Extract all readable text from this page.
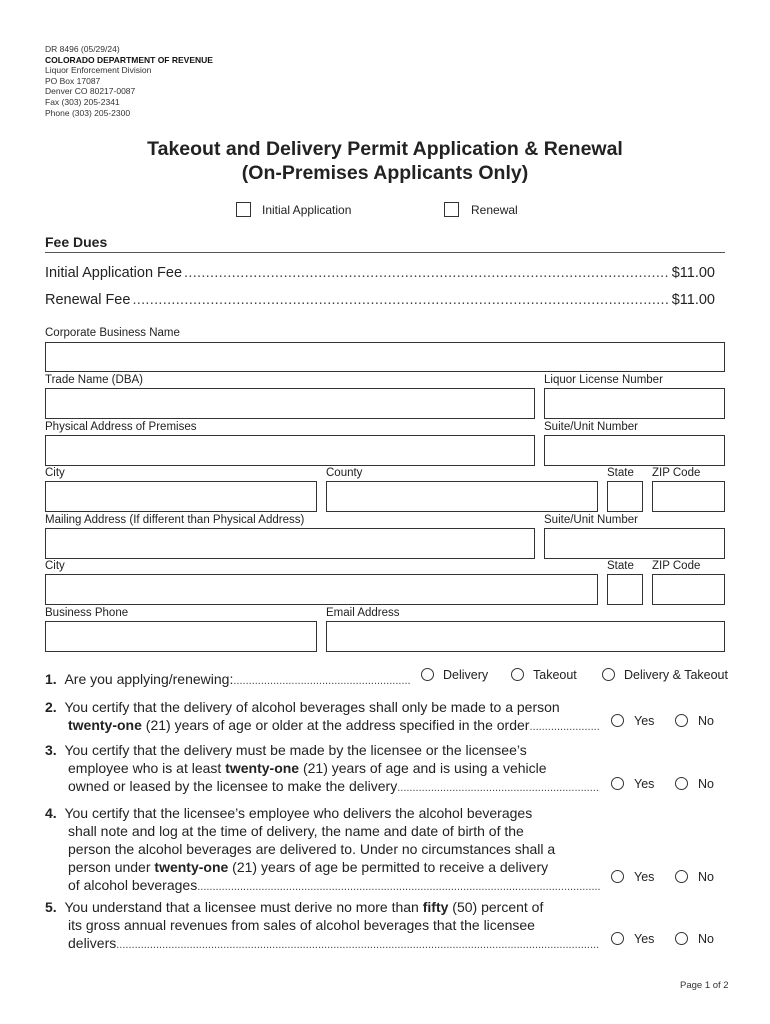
DR 8496 (05/29/24)
COLORADO DEPARTMENT OF REVENUE
Liquor Enforcement Division
PO Box 17087
Denver CO 80217-0087
Fax (303) 205-2341
Phone (303) 205-2300
Takeout and Delivery Permit Application & Renewal
(On-Premises Applicants Only)
Initial Application	Renewal
Fee Dues
Initial Application Fee .....	$11.00
Renewal Fee .....	$11.00
Corporate Business Name
Trade Name (DBA)	Liquor License Number
Physical Address of Premises	Suite/Unit Number
City	County	State ZIP Code
Mailing Address (If different than Physical Address)	Suite/Unit Number
City	State ZIP Code
Business Phone	Email Address
1.
Are you applying/renewing: .....	Delivery	Takeout	Delivery & Takeout
2. You certify that the delivery of alcohol beverages shall only be made to a person
twenty-one (21) years of age or older at the address specified in the order .....	Yes	No
3. You certify that the delivery must be made by the licensee or the licensee’s
employee who is at least twenty-one (21) years of age and is using a vehicle
owned or leased by the licensee to make the delivery .....	Yes	No
4. You certify that the licensee’s employee who delivers the alcohol beverages
shall note and log at the time of delivery, the name and date of birth of the
person the alcohol beverages are delivered to. Under no circumstances shall a
person under twenty-one (21) years of age be permitted to receive a delivery
of alcohol beverages
.....	Yes	No
5. You understand that a licensee must derive no more than fifty (50) percent of
its gross annual revenues from sales of alcohol beverages that the licensee
delivers .....	Yes	No
Page 1 of 2
